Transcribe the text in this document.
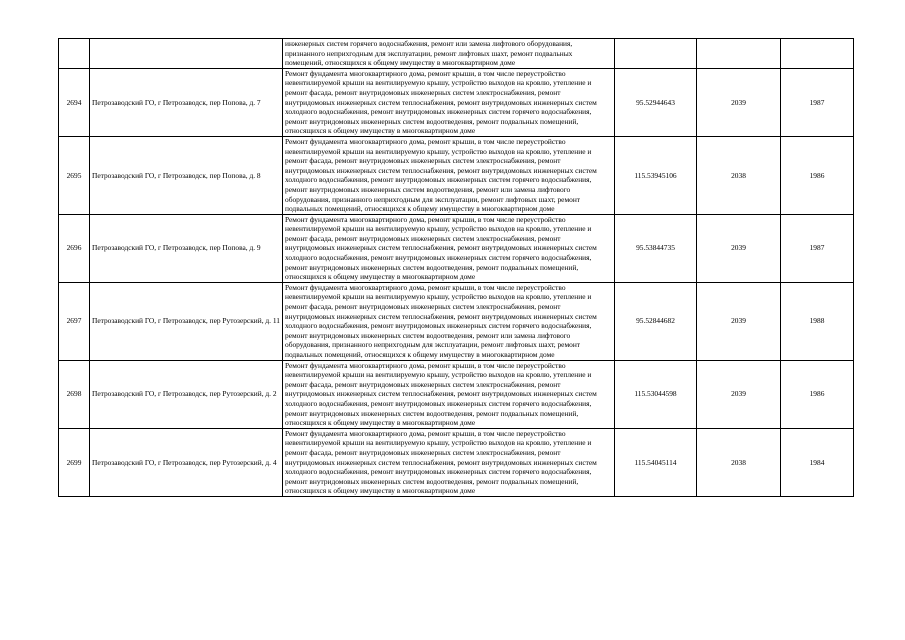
		инженерных систем горячего водоснабжения, ремонт или замена лифтового оборудования, признанного неприхгодным для эксплуатации, ремонт лифтовых шахт, ремонт подвальных помещений, относящихся к общему имуществу в многоквартирном доме			
2694	Петрозаводский ГО, г Петрозаводск, пер Попова, д. 7	Ремонт фундамента многоквартирного дома, ремонт крыши, в том числе переустройство невентилируемой крыши на вентилируемую крышу, устройство выходов на кровлю, утепление и ремонт фасада, ремонт внутридомовых инженерных систем электроснабжения, ремонт внутридомовых инженерных систем теплоснабжения, ремонт внутридомовых инженерных систем холодного водоснабжения, ремонт внутридомовых инженерных систем горячего водоснабжения, ремонт внутридомовых инженерных систем водоотведения, ремонт подвальных помещений, относящихся к общему имуществу в многоквартирном доме	95.52944643	2039	1987
2695	Петрозаводский ГО, г Петрозаводск, пер Попова, д. 8	Ремонт фундамента многоквартирного дома, ремонт крыши, в том числе переустройство невентилируемой крыши на вентилируемую крышу, устройство выходов на кровлю, утепление и ремонт фасада, ремонт внутридомовых инженерных систем электроснабжения, ремонт внутридомовых инженерных систем теплоснабжения, ремонт внутридомовых инженерных систем холодного водоснабжения, ремонт внутридомовых инженерных систем горячего водоснабжения, ремонт внутридомовых инженерных систем водоотведения, ремонт или замена лифтового оборудования, признанного неприхгодным для эксплуатации, ремонт лифтовых шахт, ремонт подвальных помещений, относящихся к общему имуществу в многоквартирном доме	115.53945106	2038	1986
2696	Петрозаводский ГО, г Петрозаводск, пер Попова, д. 9	Ремонт фундамента многоквартирного дома, ремонт крыши, в том числе переустройство невентилируемой крыши на вентилируемую крышу, устройство выходов на кровлю, утепление и ремонт фасада, ремонт внутридомовых инженерных систем электроснабжения, ремонт внутридомовых инженерных систем теплоснабжения, ремонт внутридомовых инженерных систем холодного водоснабжения, ремонт внутридомовых инженерных систем горячего водоснабжения, ремонт внутридомовых инженерных систем водоотведения, ремонт подвальных помещений, относящихся к общему имуществу в многоквартирном доме	95.53844735	2039	1987
2697	Петрозаводский ГО, г Петрозаводск, пер Рутозерский, д. 11	Ремонт фундамента многоквартирного дома, ремонт крыши, в том числе переустройство невентилируемой крыши на вентилируемую крышу, устройство выходов на кровлю, утепление и ремонт фасада, ремонт внутридомовых инженерных систем электроснабжения, ремонт внутридомовых инженерных систем теплоснабжения, ремонт внутридомовых инженерных систем холодного водоснабжения, ремонт внутридомовых инженерных систем горячего водоснабжения, ремонт внутридомовых инженерных систем водоотведения, ремонт или замена лифтового оборудования, признанного неприхгодным для эксплуатации, ремонт лифтовых шахт, ремонт подвальных помещений, относящихся к общему имуществу в многоквартирном доме	95.52844682	2039	1988
2698	Петрозаводский ГО, г Петрозаводск, пер Рутозерский, д. 2	Ремонт фундамента многоквартирного дома, ремонт крыши, в том числе переустройство невентилируемой крыши на вентилируемую крышу, устройство выходов на кровлю, утепление и ремонт фасада, ремонт внутридомовых инженерных систем электроснабжения, ремонт внутридомовых инженерных систем теплоснабжения, ремонт внутридомовых инженерных систем холодного водоснабжения, ремонт внутридомовых инженерных систем горячего водоснабжения, ремонт внутридомовых инженерных систем водоотведения, ремонт подвальных помещений, относящихся к общему имуществу в многоквартирном доме	115.53044598	2039	1986
2699	Петрозаводский ГО, г Петрозаводск, пер Рутозерский, д. 4	Ремонт фундамента многоквартирного дома, ремонт крыши, в том числе переустройство невентилируемой крыши на вентилируемую крышу, устройство выходов на кровлю, утепление и ремонт фасада, ремонт внутридомовых инженерных систем электроснабжения, ремонт внутридомовых инженерных систем теплоснабжения, ремонт внутридомовых инженерных систем холодного водоснабжения, ремонт внутридомовых инженерных систем горячего водоснабжения, ремонт внутридомовых инженерных систем водоотведения, ремонт подвальных помещений, относящихся к общему имуществу в многоквартирном доме	115.54045114	2038	1984
